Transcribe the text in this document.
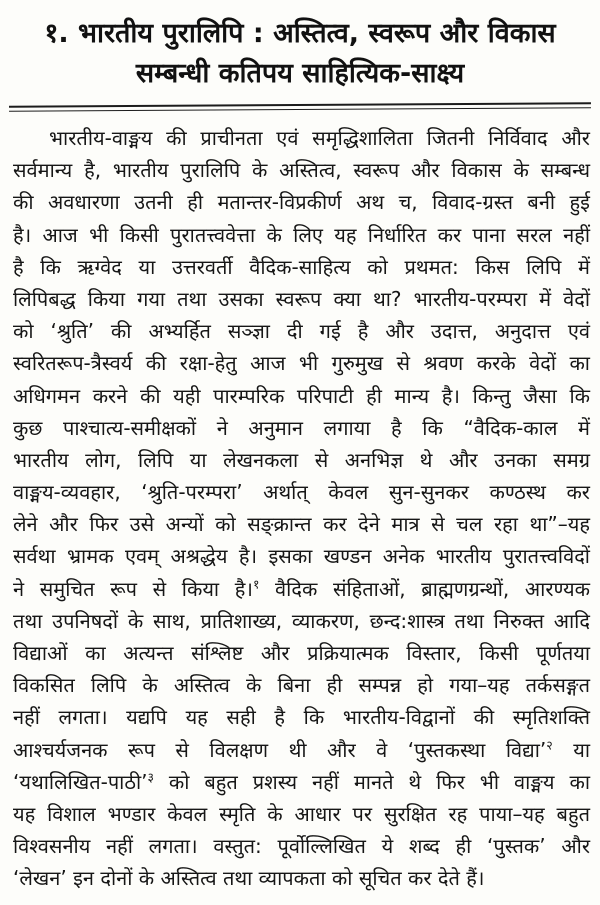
१. भारतीय पुरालिपि : अस्तित्व, स्वरूप और विकास
सम्बन्धी कतिपय साहित्यिक-साक्ष्य
भारतीय-वाङ्मय की प्राचीनता एवं समृद्धिशालिता जितनी निर्विवाद और
सर्वमान्य है, भारतीय पुरालिपि के अस्तित्व, स्वरूप और विकास के सम्बन्ध
की अवधारणा उतनी ही मतान्तर-विप्रकीर्ण अथ च, विवाद-ग्रस्त बनी हुई
है। आज भी किसी पुरातत्त्ववेत्ता के लिए यह निर्धारित कर पाना सरल नहीं
है कि ऋग्वेद या उत्तरवर्ती वैदिक-साहित्य को प्रथमत: किस लिपि में
लिपिबद्ध किया गया तथा उसका स्वरूप क्या था? भारतीय-परम्परा में वेदों
को ‘श्रुति’ की अभ्यर्हित सञ्ज्ञा दी गई है और उदात्त, अनुदात्त एवं
स्वरितरूप-त्रैस्वर्य की रक्षा-हेतु आज भी गुरुमुख से श्रवण करके वेदों का
अधिगमन करने की यही पारम्परिक परिपाटी ही मान्य है। किन्तु जैसा कि
कुछ पाश्चात्य-समीक्षकों ने अनुमान लगाया है कि “वैदिक-काल में
भारतीय लोग, लिपि या लेखनकला से अनभिज्ञ थे और उनका समग्र
वाङ्मय-व्यवहार, ‘श्रुति-परम्परा’ अर्थात् केवल सुन-सुनकर कण्ठस्थ कर
लेने और फिर उसे अन्यों को सङ्क्रान्त कर देने मात्र से चल रहा था”–यह
सर्वथा भ्रामक एवम् अश्रद्धेय है। इसका खण्डन अनेक भारतीय पुरातत्त्वविदों
ने समुचित रूप से किया है।$^१$ वैदिक संहिताओं, ब्राह्मणग्रन्थों, आरण्यक
तथा उपनिषदों के साथ, प्रातिशाख्य, व्याकरण, छन्द:शास्त्र तथा निरुक्त आदि
विद्याओं का अत्यन्त संश्लिष्ट और प्रक्रियात्मक विस्तार, किसी पूर्णतया
विकसित लिपि के अस्तित्व के बिना ही सम्पन्न हो गया–यह तर्कसङ्गत
नहीं लगता। यद्यपि यह सही है कि भारतीय-विद्वानों की स्मृतिशक्ति
आश्चर्यजनक रूप से विलक्षण थी और वे ‘पुस्तकस्था विद्या’$^२$ या
‘यथालिखित-पाठी’$^३$ को बहुत प्रशस्य नहीं मानते थे फिर भी वाङ्मय का
यह विशाल भण्डार केवल स्मृति के आधार पर सुरक्षित रह पाया–यह बहुत
विश्वसनीय नहीं लगता। वस्तुत: पूर्वोल्लिखित ये शब्द ही ‘पुस्तक’ और
‘लेखन’ इन दोनों के अस्तित्व तथा व्यापकता को सूचित कर देते हैं।
